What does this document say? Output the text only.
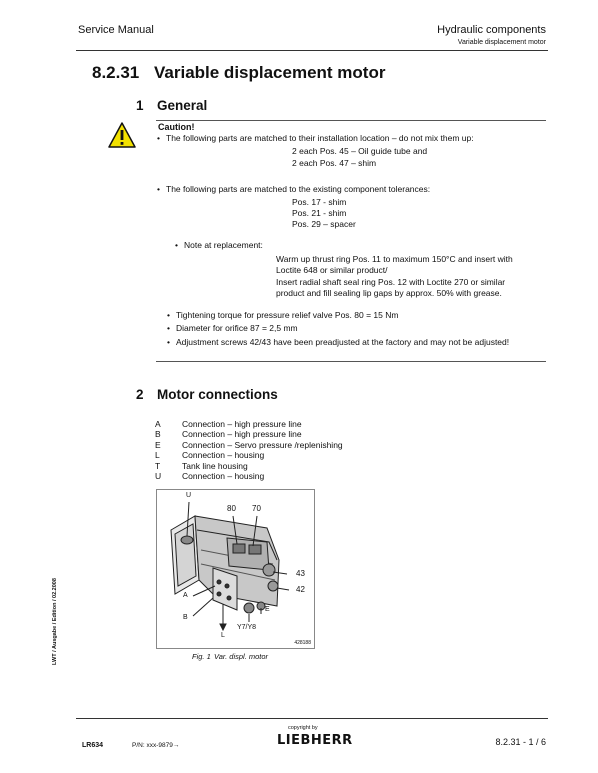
Service Manual	Hydraulic components
Variable displacement motor
8.2.31 Variable displacement motor
1 General
Caution!
• The following parts are matched to their installation location – do not mix them up:
2 each Pos. 45 – Oil guide tube and
2 each Pos. 47 – shim
• The following parts are matched to the existing component tolerances:
Pos. 17 - shim
Pos. 21 - shim
Pos. 29 – spacer
• Note at replacement:
Warm up thrust ring Pos. 11 to maximum 150°C and insert with
Loctite 648 or similar product/
Insert radial shaft seal ring Pos. 12 with Loctite 270 or similar
product and fill sealing lip gaps by approx. 50% with grease.
• Tightening torque for pressure relief valve Pos. 80 = 15 Nm
• Diameter for orifice 87 = 2,5 mm
• Adjustment screws 42/43 have been preadjusted at the factory and may not be adjusted!
2 Motor connections
A	Connection – high pressure line
B	Connection – high pressure line
E	Connection – Servo pressure /replenishing
L	Connection – housing
T	Tank line housing
U Connection – housing
U
80 70
43
42
A
B
E
L
Y7/Y8
428188
Fig. 1 Var. displ. motor
LWT / Ausgabe / Edition / 02.2008
copyright by
LIEBHERR
LR634	P/N: xxx-9879→	8.2.31 - 1 / 6
